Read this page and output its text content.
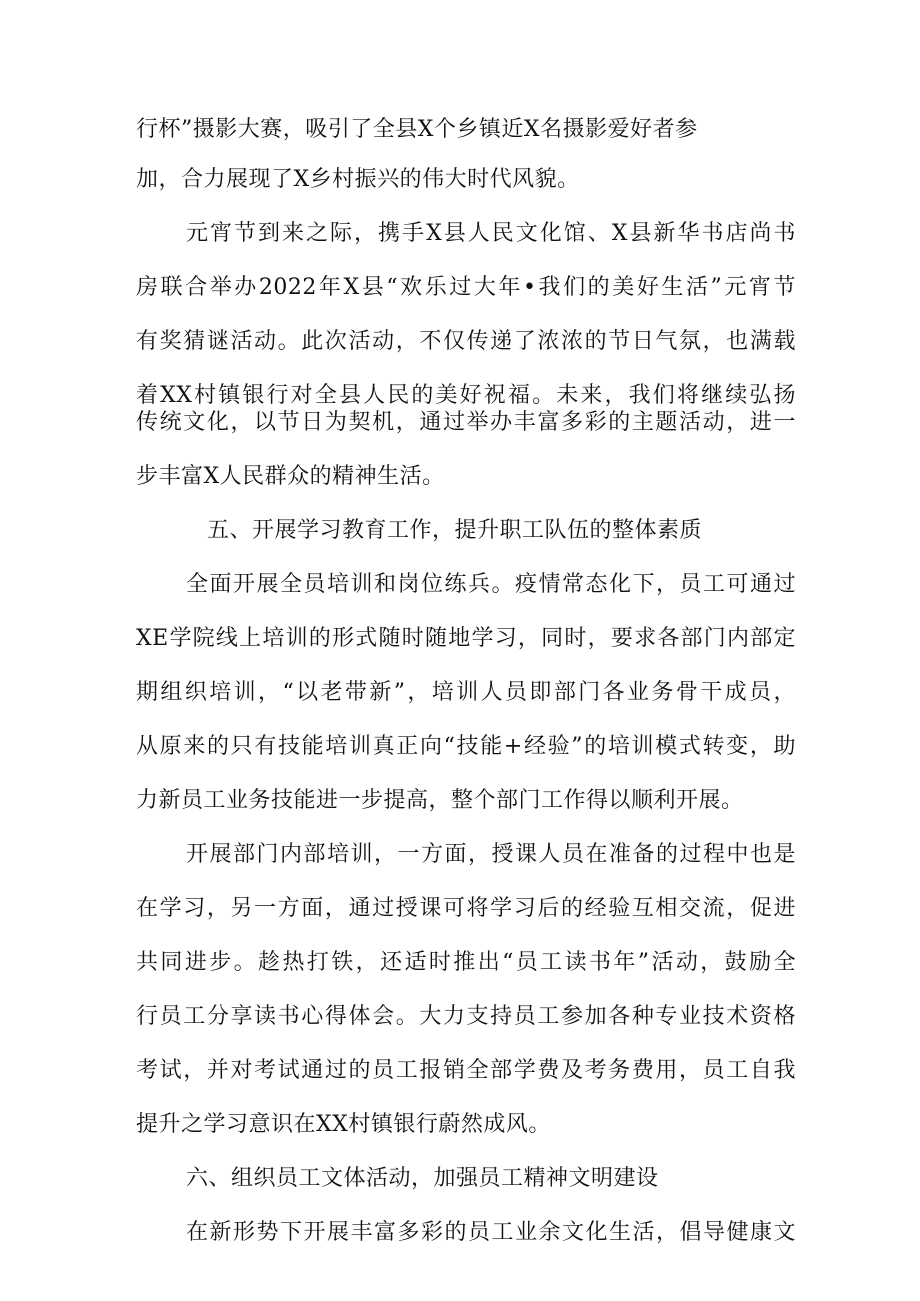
行杯”摄影大赛，吸引了全县X个乡镇近X名摄影爱好者参
加，合力展现了X乡村振兴的伟大时代风貌。
元宵节到来之际，携手X县人民文化馆、X县新华书店尚书
房联合举办2022年X县“欢乐过大年•我们的美好生活”元宵节
有奖猜谜活动。此次活动，不仅传递了浓浓的节日气氛，也满载
着XX村镇银行对全县人民的美好祝福。未来，我们将继续弘扬
传统文化，以节日为契机，通过举办丰富多彩的主题活动，进一
步丰富X人民群众的精神生活。
五、开展学习教育工作，提升职工队伍的整体素质
全面开展全员培训和岗位练兵。疫情常态化下，员工可通过
XE学院线上培训的形式随时随地学习，同时，要求各部门内部定
期组织培训，“以老带新”，培训人员即部门各业务骨干成员，
从原来的只有技能培训真正向“技能+经验”的培训模式转变，助
力新员工业务技能进一步提高，整个部门工作得以顺利开展。
开展部门内部培训，一方面，授课人员在准备的过程中也是
在学习，另一方面，通过授课可将学习后的经验互相交流，促进
共同进步。趁热打铁，还适时推出“员工读书年”活动，鼓励全
行员工分享读书心得体会。大力支持员工参加各种专业技术资格
考试，并对考试通过的员工报销全部学费及考务费用，员工自我
提升之学习意识在XX村镇银行蔚然成风。
六、组织员工文体活动，加强员工精神文明建设
在新形势下开展丰富多彩的员工业余文化生活，倡导健康文
